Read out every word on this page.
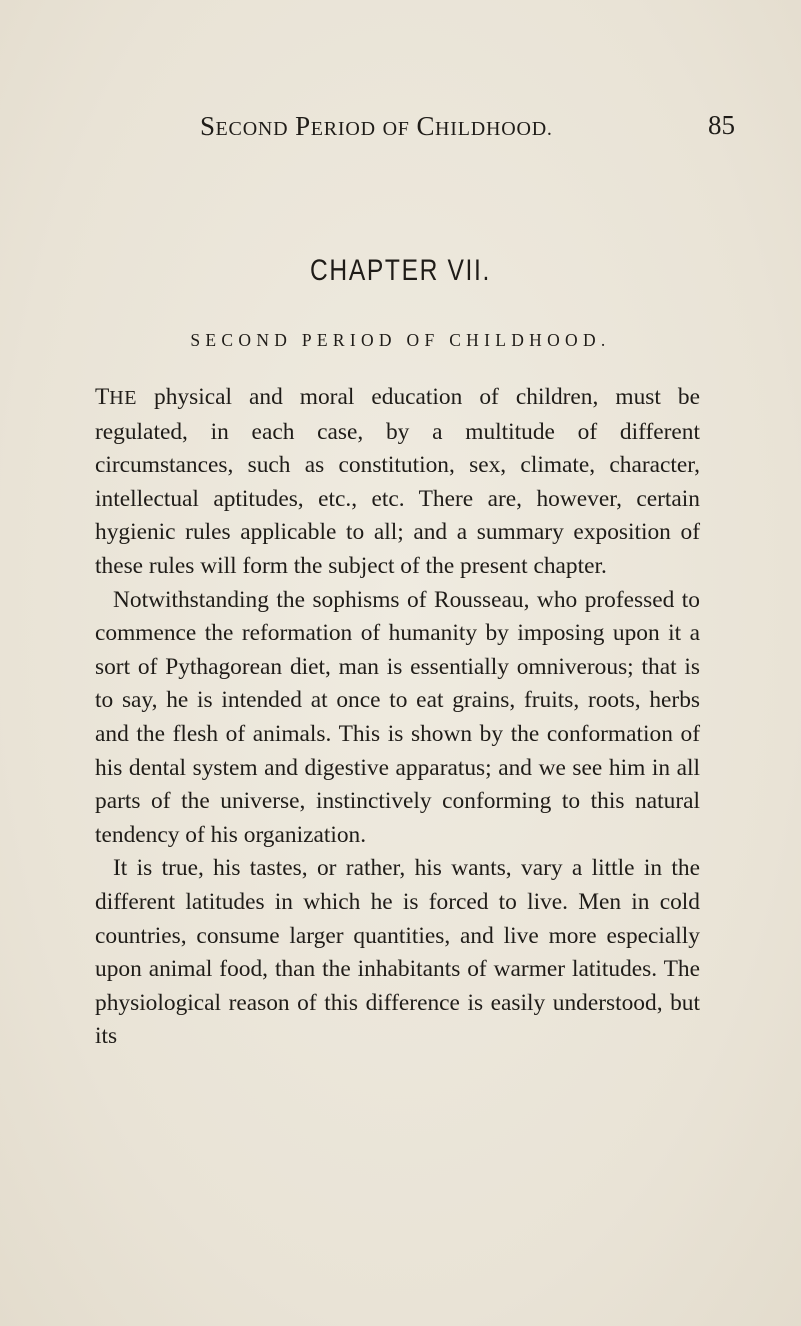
SECOND PERIOD OF CHILDHOOD.	85
CHAPTER VII.
SECOND PERIOD OF CHILDHOOD.

THE physical and moral education of children, must be regulated, in each case, by a multitude of different circumstances, such as constitution, sex, climate, character, intellectual aptitudes, etc., etc. There are, however, certain hygienic rules applicable to all; and a summary exposition of these rules will form the subject of the present chapter.

Notwithstanding the sophisms of Rousseau, who professed to commence the reformation of humanity by imposing upon it a sort of Pythagorean diet, man is essentially omniverous; that is to say, he is intended at once to eat grains, fruits, roots, herbs and the flesh of animals. This is shown by the conformation of his dental system and digestive apparatus; and we see him in all parts of the universe, instinctively conforming to this natural tendency of his organization.

It is true, his tastes, or rather, his wants, vary a little in the different latitudes in which he is forced to live. Men in cold countries, consume larger quantities, and live more especially upon animal food, than the inhabitants of warmer latitudes. The physiological reason of this difference is easily understood, but its
